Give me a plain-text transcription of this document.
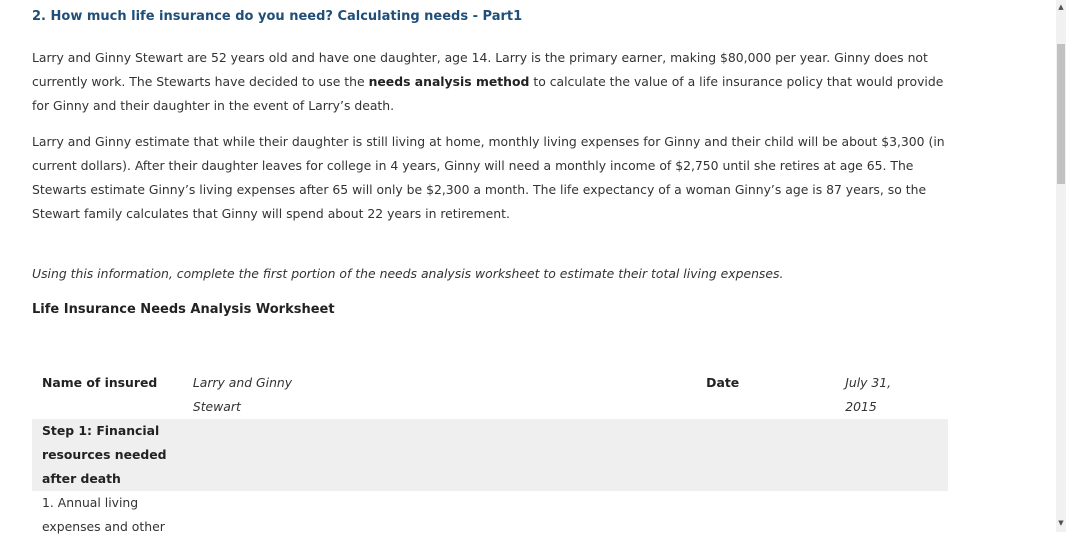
2. How much life insurance do you need? Calculating needs - Part1

Larry and Ginny Stewart are 52 years old and have one daughter, age 14. Larry is the primary earner, making $80,000 per year. Ginny does not currently work. The Stewarts have decided to use the needs analysis method to calculate the value of a life insurance policy that would provide for Ginny and their daughter in the event of Larry’s death.

Larry and Ginny estimate that while their daughter is still living at home, monthly living expenses for Ginny and their child will be about $3,300 (in current dollars). After their daughter leaves for college in 4 years, Ginny will need a monthly income of $2,750 until she retires at age 65. The Stewarts estimate Ginny’s living expenses after 65 will only be $2,300 a month. The life expectancy of a woman Ginny’s age is 87 years, so the Stewart family calculates that Ginny will spend about 22 years in retirement.

Using this information, complete the first portion of the needs analysis worksheet to estimate their total living expenses.

Life Insurance Needs Analysis Worksheet

Name of insured	Larry and Ginny Stewart	Date	July 31, 2015

Step 1: Financial resources needed after death			
1. Annual living expenses and other			
▲
▼
